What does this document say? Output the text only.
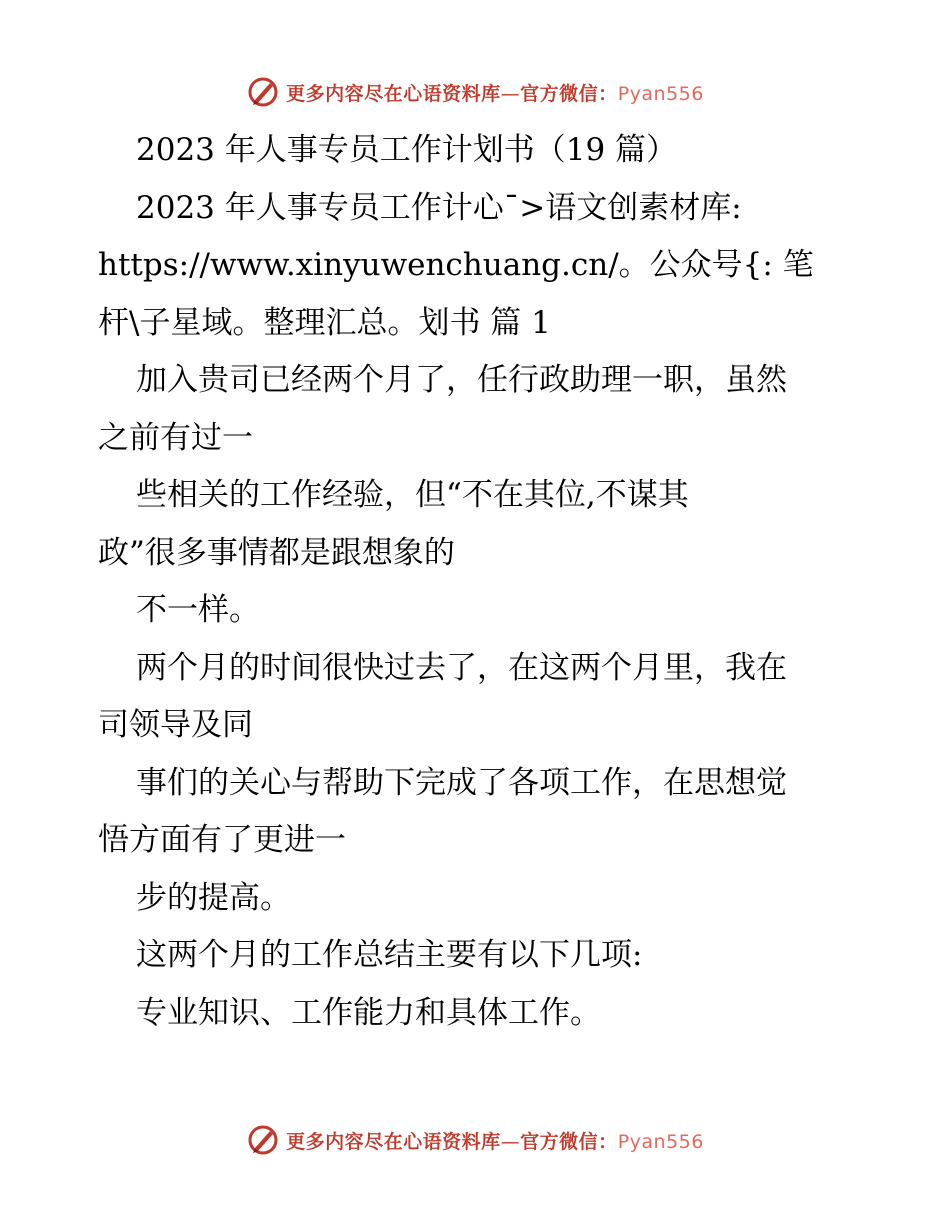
更多内容尽在心语资料库—官方微信：Pyan556

2023 年人事专员工作计划书（19 篇）

2023 年人事专员工作计心¯>语文创素材库:

https://www.xinyuwenchuang.cn/。公众号{: 笔

杆\子星域。整理汇总。划书 篇 1

加入贵司已经两个月了，任行政助理一职，虽然

之前有过一

些相关的工作经验，但“不在其位,不谋其

政”很多事情都是跟想象的

不一样。

两个月的时间很快过去了，在这两个月里，我在

司领导及同

事们的关心与帮助下完成了各项工作，在思想觉

悟方面有了更进一

步的提高。

这两个月的工作总结主要有以下几项:

专业知识、工作能力和具体工作。

更多内容尽在心语资料库—官方微信：Pyan556
